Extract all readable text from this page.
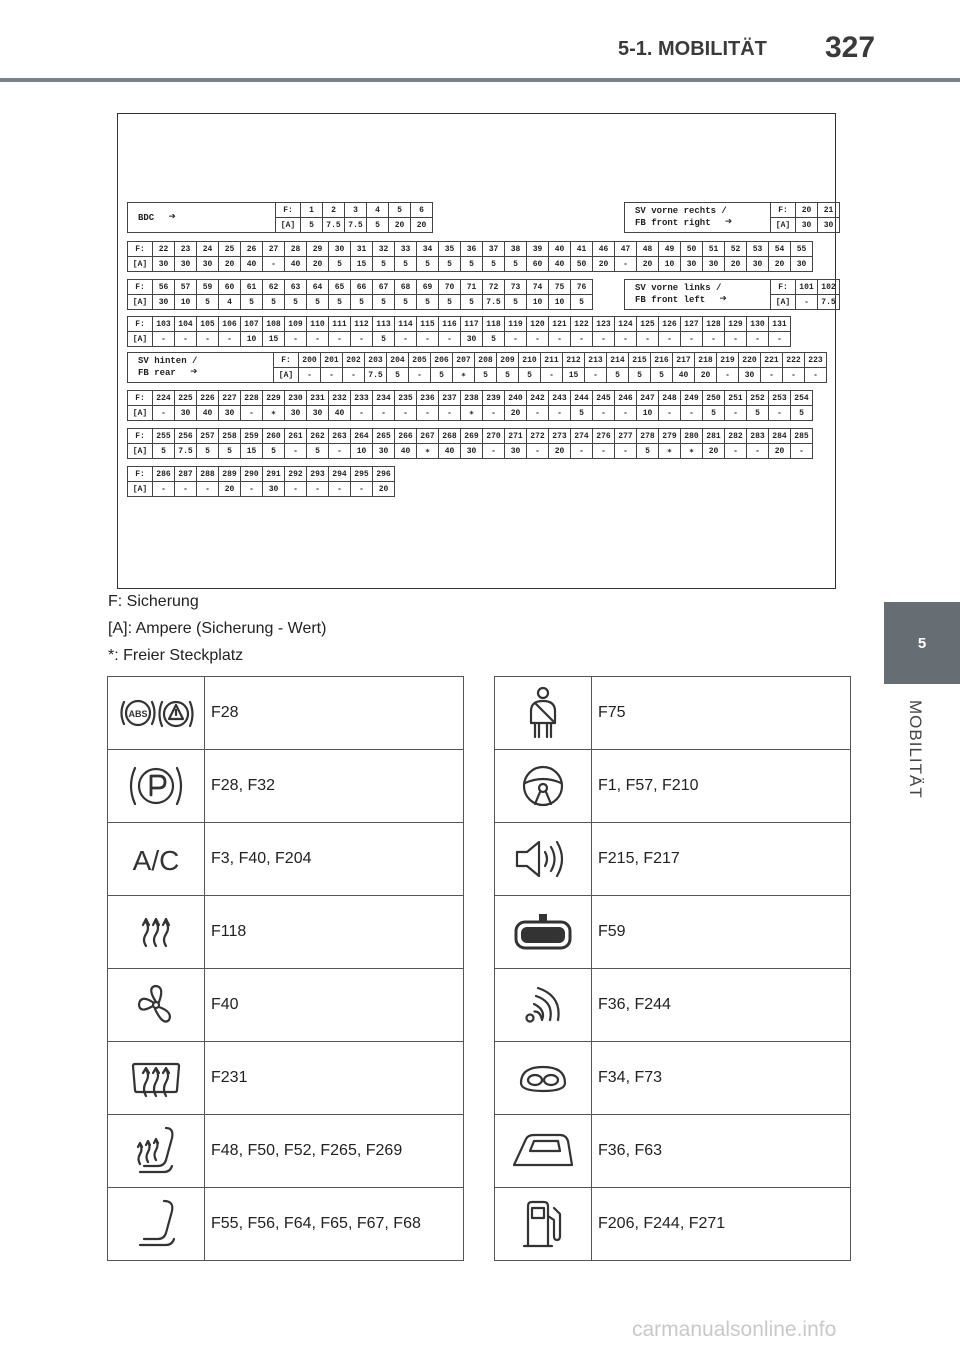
5-1. MOBILITÄT 327
5
MOBILITÄT
BDC  ➔	F:	1	2	3	4	5	6
	[A]	5	7.5	7.5	5	20	20
SV vorne rechts /
FB front right  ➔	F:	20	21
	[A]	30	30
F:	22	23	24	25	26	27	28	29	30	31	32	33	34	35	36	37	38	39	40	41	46	47	48	49	50	51	52	53	54	55
[A]	30	30	30	20	40	-	40	20	5	15	5	5	5	5	5	5	5	60	40	50	20	-	20	10	30	30	20	30	20	30
F:	56	57	59	60	61	62	63	64	65	66	67	68	69	70	71	72	73	74	75	76
[A]	30	10	5	4	5	5	5	5	5	5	5	5	5	5	5	7.5	5	10	10	5
SV vorne links /
FB front left  ➔	F:	101	102
	[A]	-	7.5
F:	103	104	105	106	107	108	109	110	111	112	113	114	115	116	117	118	119	120	121	122	123	124	125	126	127	128	129	130	131
[A]	-	-	-	-	10	15	-	-	-	-	5	-	-	-	30	5	-	-	-	-	-	-	-	-	-	-	-	-	-
SV hinten /
FB rear  ➔	F:	200	201	202	203	204	205	206	207	208	209	210	211	212	213	214	215	216	217	218	219	220	221	222	223
	[A]	-	-	-	7.5	5	-	5	∗	5	5	5	-	15	-	5	5	5	40	20	-	30	-	-	-
F:	224	225	226	227	228	229	230	231	232	233	234	235	236	237	238	239	240	242	243	244	245	246	247	248	249	250	251	252	253	254
[A]	-	30	40	30	-	∗	30	30	40	-	-	-	-	-	∗	-	20	-	-	5	-	-	10	-	-	5	-	5	-	5
F:	255	256	257	258	259	260	261	262	263	264	265	266	267	268	269	270	271	272	273	274	276	277	278	279	280	281	282	283	284	285
[A]	5	7.5	5	5	15	5	-	5	-	10	30	40	∗	40	30	-	30	-	20	-	-	-	5	∗	∗	20	-	-	20	-
F:	286	287	288	289	290	291	292	293	294	295	296
[A]	-	-	-	20	-	30	-	-	-	-	20
F: Sicherung
[A]: Ampere (Sicherung - Wert)
*: Freier Steckplatz
ABS	F28

	F28, F32

A/C	F3, F40, F204

	F118

	F40

	F231

	F48, F50, F52, F265, F269

	F55, F56, F64, F65, F67, F68
	F75

	F1, F57, F210

	F215, F217

	F59

	F36, F244

	F34, F73

	F36, F63

	F206, F244, F271
carmanualsonline.info
